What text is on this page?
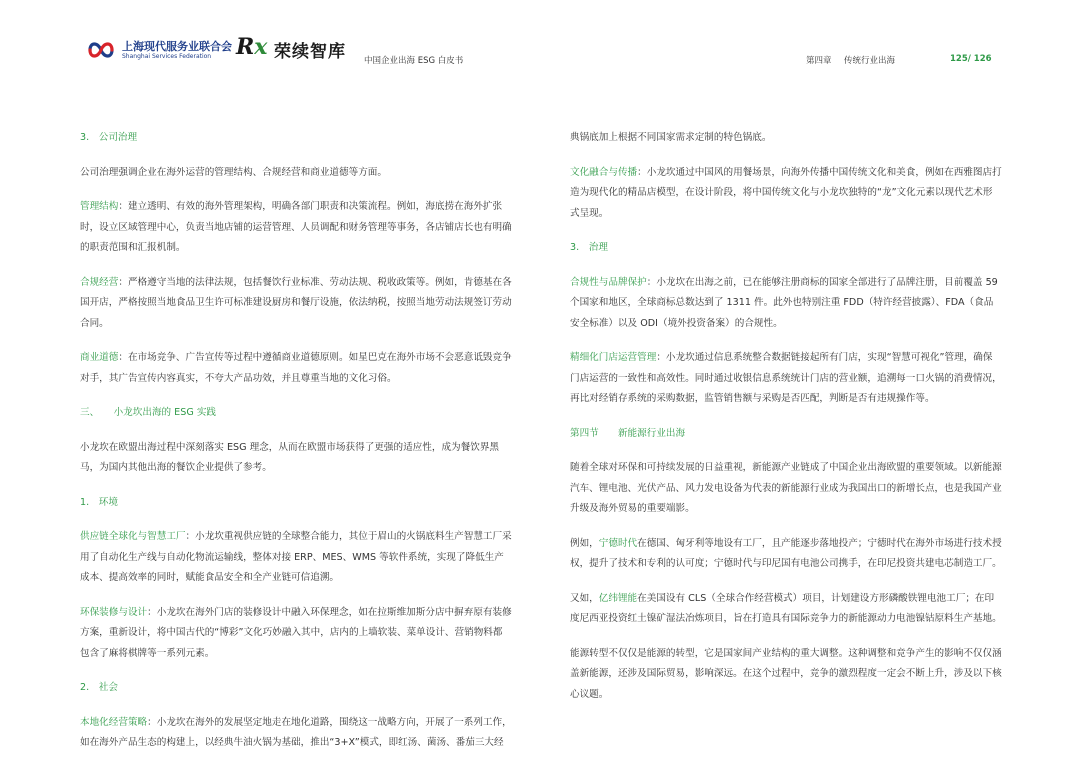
上海现代服务业联合会
Shanghai Services Federation Rx 荣续智库 中国企业出海 ESG 白皮书	第四章 传统行业出海	125/ 126

3.　公司治理

公司治理强调企业在海外运营的管理结构、合规经营和商业道德等方面。

管理结构：建立透明、有效的海外管理架构，明确各部门职责和决策流程。例如，海底捞在海外扩张时，设立区域管理中心，负责当地店铺的运营管理、人员调配和财务管理等事务，各店铺店长也有明确的职责范围和汇报机制。

合规经营：严格遵守当地的法律法规，包括餐饮行业标准、劳动法规、税收政策等。例如，肯德基在各国开店，严格按照当地食品卫生许可标准建设厨房和餐厅设施，依法纳税，按照当地劳动法规签订劳动合同。

商业道德：在市场竞争、广告宣传等过程中遵循商业道德原则。如星巴克在海外市场不会恶意诋毁竞争对手，其广告宣传内容真实，不夸大产品功效，并且尊重当地的文化习俗。

三、　　小龙坎出海的 ESG 实践

小龙坎在欧盟出海过程中深刻落实 ESG 理念，从而在欧盟市场获得了更强的适应性，成为餐饮界黑马，为国内其他出海的餐饮企业提供了参考。

1.　环境

供应链全球化与智慧工厂：小龙坎重视供应链的全球整合能力，其位于眉山的火锅底料生产智慧工厂采用了自动化生产线与自动化物流运输线，整体对接 ERP、MES、WMS 等软件系统，实现了降低生产成本、提高效率的同时，赋能食品安全和全产业链可信追溯。

环保装修与设计：小龙坎在海外门店的装修设计中融入环保理念，如在拉斯维加斯分店中摒弃原有装修方案，重新设计，将中国古代的“博彩”文化巧妙融入其中，店内的上墙软装、菜单设计、营销物料都包含了麻将棋牌等一系列元素。

2.　社会

本地化经营策略：小龙坎在海外的发展坚定地走在地化道路，围绕这一战略方向，开展了一系列工作，如在海外产品生态的构建上，以经典牛油火锅为基础，推出“3+X”模式，即红汤、菌汤、番茄三大经

典锅底加上根据不同国家需求定制的特色锅底。

文化融合与传播：小龙坎通过中国风的用餐场景，向海外传播中国传统文化和美食，例如在西雅图店打造为现代化的精品店模型，在设计阶段，将中国传统文化与小龙坎独特的“龙”文化元素以现代艺术形式呈现。

3.　治理

合规性与品牌保护：小龙坎在出海之前，已在能够注册商标的国家全部进行了品牌注册，目前覆盖 59 个国家和地区，全球商标总数达到了 1311 件。此外也特别注重 FDD（特许经营披露）、FDA（食品安全标准）以及 ODI（境外投资备案）的合规性。

精细化门店运营管理：小龙坎通过信息系统整合数据链接起所有门店，实现“智慧可视化”管理，确保门店运营的一致性和高效性。同时通过收银信息系统统计门店的营业额，追溯每一口火锅的消费情况，再比对经销存系统的采购数据，监管销售额与采购是否匹配，判断是否有违规操作等。

第四节　　新能源行业出海

随着全球对环保和可持续发展的日益重视，新能源产业链成了中国企业出海欧盟的重要领域。以新能源汽车、锂电池、光伏产品、风力发电设备为代表的新能源行业成为我国出口的新增长点，也是我国产业升级及海外贸易的重要端影。

例如，宁德时代在德国、匈牙利等地设有工厂，且产能逐步落地投产；宁德时代在海外市场进行技术授权，提升了技术和专利的认可度；宁德时代与印尼国有电池公司携手，在印尼投资共建电芯制造工厂。

又如，亿纬锂能在美国设有 CLS（全球合作经营模式）项目，计划建设方形磷酸铁锂电池工厂；在印度尼西亚投资红土镍矿湿法冶炼项目，旨在打造具有国际竞争力的新能源动力电池镍钴原料生产基地。

能源转型不仅仅是能源的转型，它是国家间产业结构的重大调整。这种调整和竞争产生的影响不仅仅涵盖新能源，还涉及国际贸易，影响深远。在这个过程中，竞争的激烈程度一定会不断上升，涉及以下核心议题。
